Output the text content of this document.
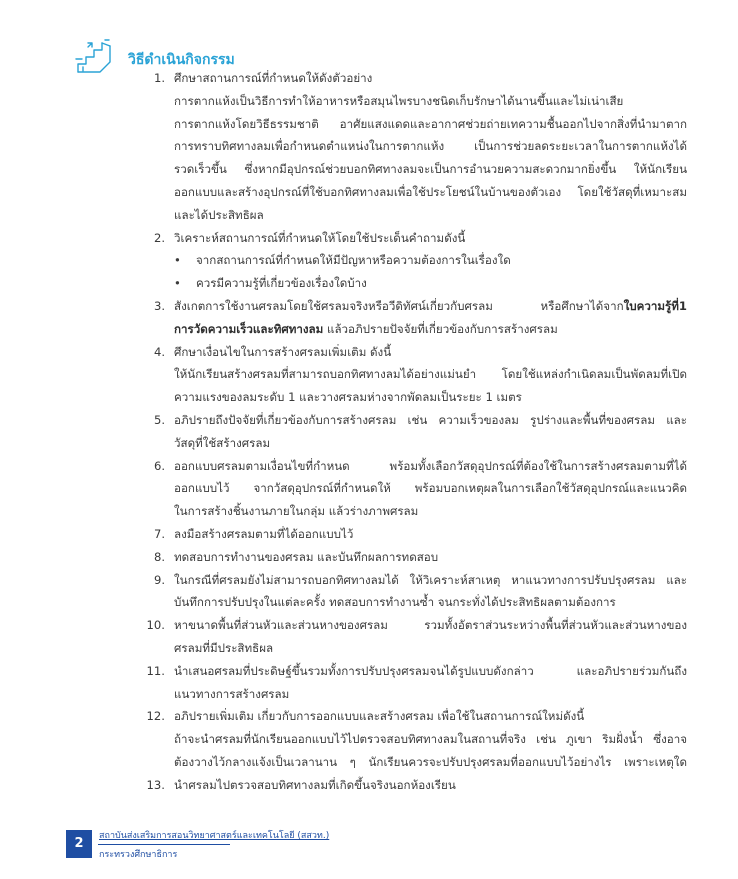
วิธีดำเนินกิจกรรม
1. ศึกษาสถานการณ์ที่กำหนดให้ดังตัวอย่าง
การตากแห้งเป็นวิธีการทำให้อาหารหรือสมุนไพรบางชนิดเก็บรักษาได้นานขึ้นและไม่เน่าเสีย
การตากแห้งโดยวิธีธรรมชาติ อาศัยแสงแดดและอากาศช่วยถ่ายเทความชื้นออกไปจากสิ่งที่นำมาตาก
การทราบทิศทางลมเพื่อกำหนดตำแหน่งในการตากแห้ง เป็นการช่วยลดระยะเวลาในการตากแห้งได้
รวดเร็วขึ้น ซึ่งหากมีอุปกรณ์ช่วยบอกทิศทางลมจะเป็นการอำนวยความสะดวกมากยิ่งขึ้น ให้นักเรียน
ออกแบบและสร้างอุปกรณ์ที่ใช้บอกทิศทางลมเพื่อใช้ประโยชน์ในบ้านของตัวเอง โดยใช้วัสดุที่เหมาะสม
และได้ประสิทธิผล
2. วิเคราะห์สถานการณ์ที่กำหนดให้โดยใช้ประเด็นคำถามดังนี้
• จากสถานการณ์ที่กำหนดให้มีปัญหาหรือความต้องการในเรื่องใด
• ควรมีความรู้ที่เกี่ยวข้องเรื่องใดบ้าง
3. สังเกตการใช้งานศรลมโดยใช้ศรลมจริงหรือวีดิทัศน์เกี่ยวกับศรลม หรือศึกษาได้จากใบความรู้ที่1
การวัดความเร็วและทิศทางลม แล้วอภิปรายปัจจัยที่เกี่ยวข้องกับการสร้างศรลม
4. ศึกษาเงื่อนไขในการสร้างศรลมเพิ่มเติม ดังนี้
ให้นักเรียนสร้างศรลมที่สามารถบอกทิศทางลมได้อย่างแม่นยำ โดยใช้แหล่งกำเนิดลมเป็นพัดลมที่เปิด
ความแรงของลมระดับ 1 และวางศรลมห่างจากพัดลมเป็นระยะ 1 เมตร
5. อภิปรายถึงปัจจัยที่เกี่ยวข้องกับการสร้างศรลม เช่น ความเร็วของลม รูปร่างและพื้นที่ของศรลม และ
วัสดุที่ใช้สร้างศรลม
6. ออกแบบศรลมตามเงื่อนไขที่กำหนด พร้อมทั้งเลือกวัสดุอุปกรณ์ที่ต้องใช้ในการสร้างศรลมตามที่ได้
ออกแบบไว้ จากวัสดุอุปกรณ์ที่กำหนดให้ พร้อมบอกเหตุผลในการเลือกใช้วัสดุอุปกรณ์และแนวคิด
ในการสร้างชิ้นงานภายในกลุ่ม แล้วร่างภาพศรลม
7. ลงมือสร้างศรลมตามที่ได้ออกแบบไว้
8. ทดสอบการทำงานของศรลม และบันทึกผลการทดสอบ
9. ในกรณีที่ศรลมยังไม่สามารถบอกทิศทางลมได้ ให้วิเคราะห์สาเหตุ หาแนวทางการปรับปรุงศรลม และ
บันทึกการปรับปรุงในแต่ละครั้ง ทดสอบการทำงานซ้ำ จนกระทั่งได้ประสิทธิผลตามต้องการ
10. หาขนาดพื้นที่ส่วนหัวและส่วนหางของศรลม รวมทั้งอัตราส่วนระหว่างพื้นที่ส่วนหัวและส่วนหางของ
ศรลมที่มีประสิทธิผล
11. นำเสนอศรลมที่ประดิษฐ์ขึ้นรวมทั้งการปรับปรุงศรลมจนได้รูปแบบดังกล่าว และอภิปรายร่วมกันถึง
แนวทางการสร้างศรลม
12. อภิปรายเพิ่มเติม เกี่ยวกับการออกแบบและสร้างศรลม เพื่อใช้ในสถานการณ์ใหม่ดังนี้
ถ้าจะนำศรลมที่นักเรียนออกแบบไว้ไปตรวจสอบทิศทางลมในสถานที่จริง เช่น ภูเขา ริมฝั่งน้ำ ซึ่งอาจ
ต้องวางไว้กลางแจ้งเป็นเวลานาน ๆ นักเรียนควรจะปรับปรุงศรลมที่ออกแบบไว้อย่างไร เพราะเหตุใด
13. นำศรลมไปตรวจสอบทิศทางลมที่เกิดขึ้นจริงนอกห้องเรียน
2	สถาบันส่งเสริมการสอนวิทยาศาสตร์และเทคโนโลยี (สสวท.)
กระทรวงศึกษาธิการ
